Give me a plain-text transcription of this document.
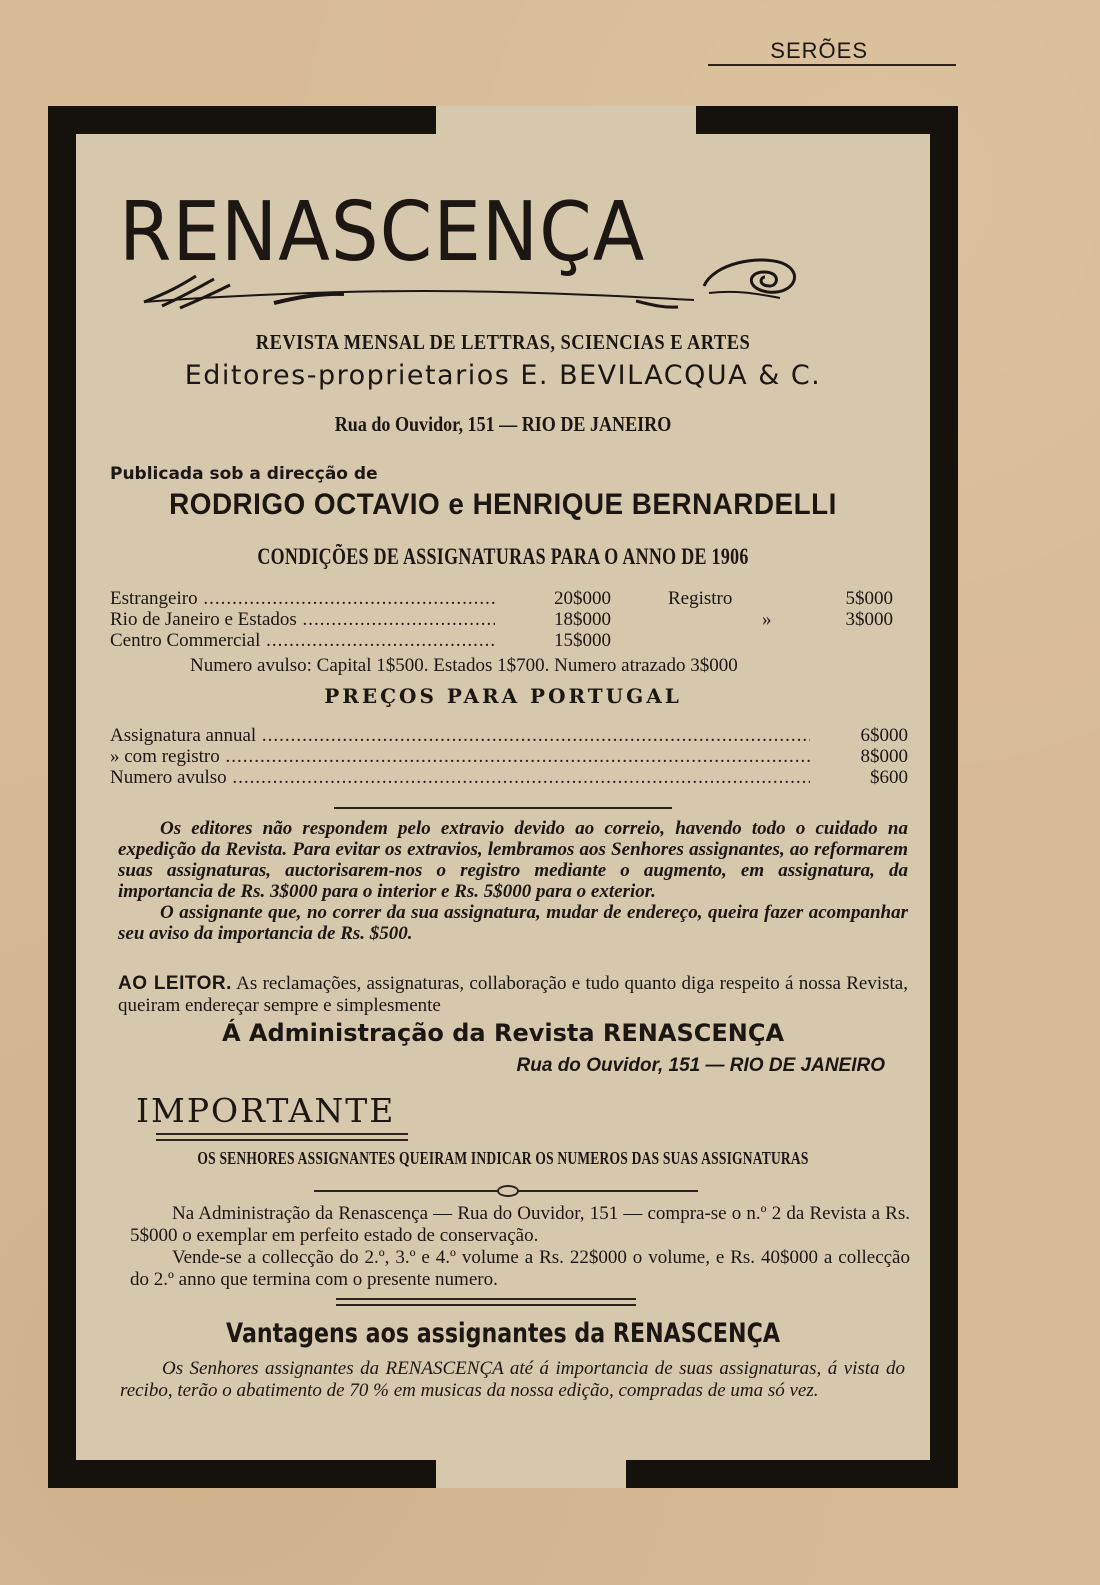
SERÕES
RENASCENÇA
REVISTA MENSAL DE LETTRAS, SCIENCIAS E ARTES
Editores-proprietarios E. BEVILACQUA & C.
Rua do Ouvidor, 151 — RIO DE JANEIRO
Publicada sob a direcção de
RODRIGO OCTAVIO e HENRIQUE BERNARDELLI
CONDIÇÕES DE ASSIGNATURAS PARA O ANNO DE 1906
Estrangeiro .....	20$000	Registro	5$000
Rio de Janeiro e Estados .....	18$000	»	3$000
Centro Commercial .....	15$000
Numero avulso: Capital 1$500. Estados 1$700. Numero atrazado 3$000
PREÇOS PARA PORTUGAL
Assignatura annual .....	6$000
» com registro .....	8$000
Numero avulso .....	$600

Os editores não respondem pelo extravio devido ao correio, havendo todo o cuidado na expedição da Revista. Para evitar os extravios, lembramos aos Senhores assignantes, ao reformarem suas assignaturas, auctorisarem-nos o registro mediante o augmento, em assignatura, da importancia de Rs. 3$000 para o interior e Rs. 5$000 para o exterior.

O assignante que, no correr da sua assignatura, mudar de endereço, queira fazer acompanhar seu aviso da importancia de Rs. $500.

AO LEITOR. As reclamações, assignaturas, collaboração e tudo quanto diga respeito á nossa Revista, queiram endereçar sempre e simplesmente
Á Administração da Revista RENASCENÇA
Rua do Ouvidor, 151 — RIO DE JANEIRO
IMPORTANTE
OS SENHORES ASSIGNANTES QUEIRAM INDICAR OS NUMEROS DAS SUAS ASSIGNATURAS

Na Administração da Renascença — Rua do Ouvidor, 151 — compra-se o n.º 2 da Revista a Rs. 5$000 o exemplar em perfeito estado de conservação.

Vende-se a collecção do 2.º, 3.º e 4.º volume a Rs. 22$000 o volume, e Rs. 40$000 a collecção do 2.º anno que termina com o presente numero.

Vantagens aos assignantes da RENASCENÇA

Os Senhores assignantes da RENASCENÇA até á importancia de suas assignaturas, á vista do recibo, terão o abatimento de 70 % em musicas da nossa edição, compradas de uma só vez.
